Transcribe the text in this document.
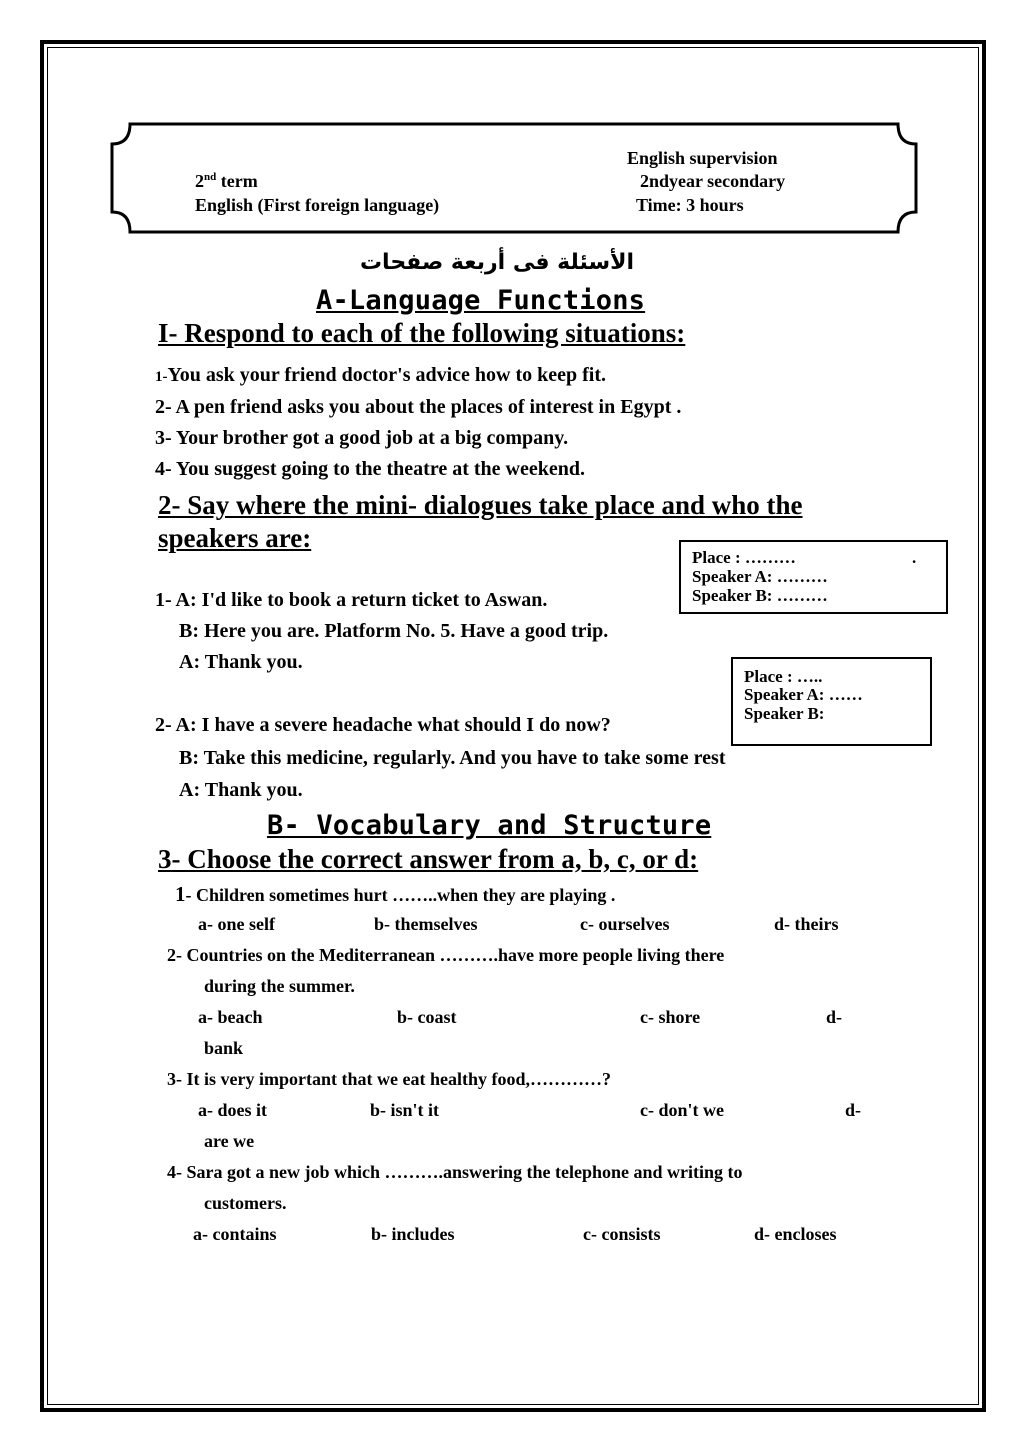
English supervision
2nd term	2ndyear secondary
English (First foreign language)	Time: 3 hours
الأسئلة فى أربعة صفحات
A-Language Functions
I- Respond to each of the following situations:
1-You ask your friend doctor's advice how to keep fit.
2- A pen friend asks you about the places of interest in Egypt .
3- Your brother got a good job at a big company.
4- You suggest going to the theatre at the weekend.
2- Say where the mini- dialogues take place and who the
speakers are:
Place : ………	.
Speaker A: ………
Speaker B: ………
1- A: I'd like to book a return ticket to Aswan.
B: Here you are. Platform No. 5. Have a good trip.
A: Thank you.
Place : …..
Speaker A: ……
Speaker B:
2- A: I have a severe headache what should I do now?
B: Take this medicine, regularly. And you have to take some rest
A: Thank you.
B- Vocabulary and Structure
3- Choose the correct answer from a, b, c, or d:
1- Children sometimes hurt ……..when they are playing .
a- one self	b- themselves	c- ourselves	d- theirs
2- Countries on the Mediterranean ……….have more people living there
during the summer.
a- beach	b- coast	c- shore	d-
bank
3- It is very important that we eat healthy food,…………?
a- does it	b- isn't it	c- don't we	d-
are we
4- Sara got a new job which ……….answering the telephone and writing to
customers.
a- contains	b- includes	c- consists	d- encloses
